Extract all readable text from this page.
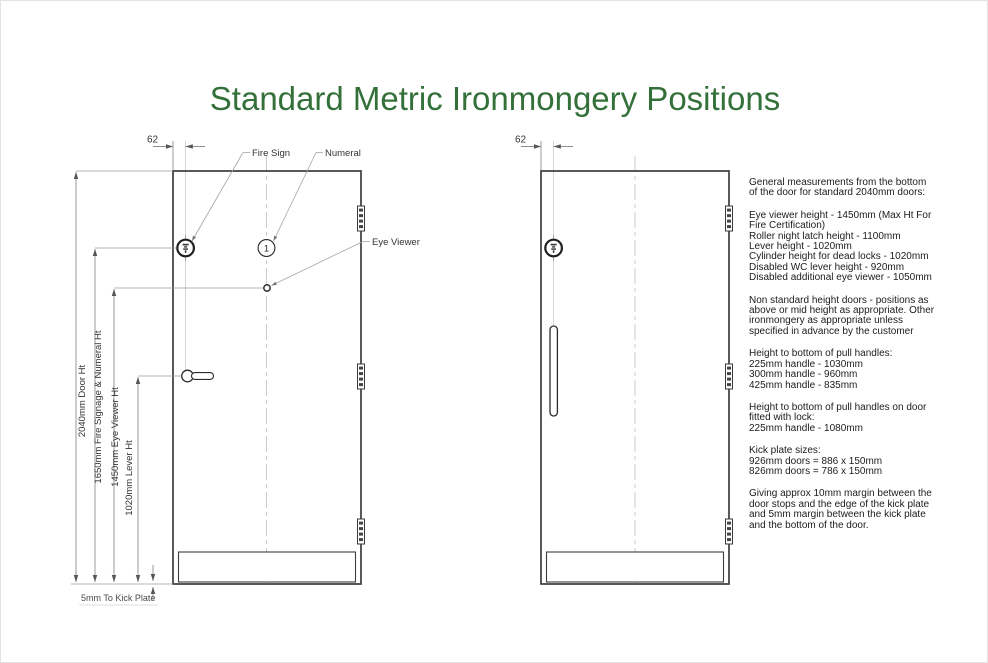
Standard Metric Ironmongery Positions
1
62
2040mm Door Ht 1650mm Fire Signage & Numeral Ht 1450mm Eye Viewer Ht 1020mm Lever Ht
5mm To Kick Plate
Fire Sign	Numeral
Eye Viewer
62
General measurements from the bottom
of the door for standard 2040mm doors:
Eye viewer height - 1450mm (Max Ht For
Fire Certification)
Roller night latch height - 1100mm
Lever height - 1020mm
Cylinder height for dead locks - 1020mm
Disabled WC lever height - 920mm
Disabled additional eye viewer - 1050mm
Non standard height doors - positions as
above or mid height as appropriate. Other
ironmongery as appropriate unless
specified in advance by the customer
Height to bottom of pull handles:
225mm handle - 1030mm
300mm handle - 960mm
425mm handle - 835mm
Height to bottom of pull handles on door
fitted with lock:
225mm handle - 1080mm
Kick plate sizes:
926mm doors = 886 x 150mm
826mm doors = 786 x 150mm
Giving approx 10mm margin between the
door stops and the edge of the kick plate
and 5mm margin between the kick plate
and the bottom of the door.
